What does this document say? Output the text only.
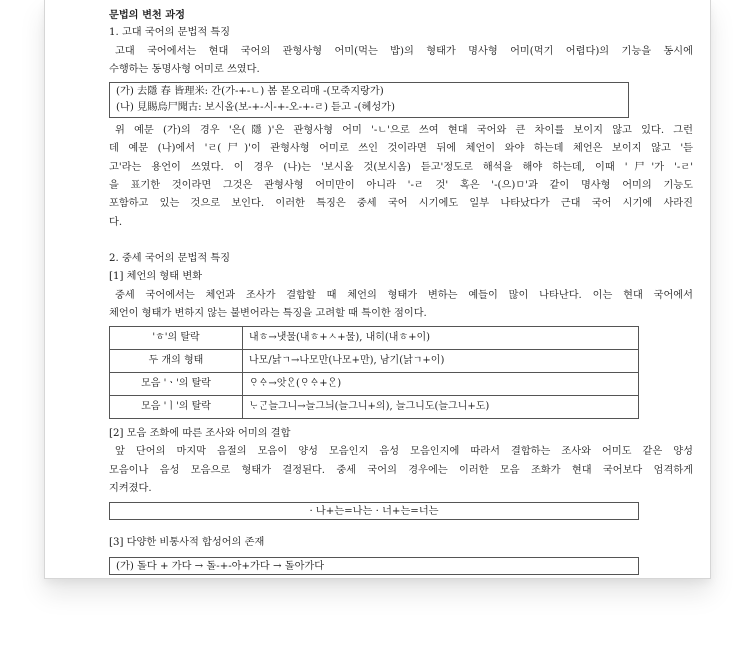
문법의 변천 과정
1. 고대 국어의 문법적 특징
고대 국어에서는 현대 국어의 관형사형 어미(먹는 밥)의 형태가 명사형 어미(먹기 어렵다)의 기능을 동시에
수행하는 동명사형 어미로 쓰였다.
(가) 去隱 春 皆理米: 간(가-+-ㄴ) 봄 몯오리매 -(모죽지랑가)
(나) 見賜烏尸聞古: 보시올(보-+-시-+-오-+-ㄹ) 듣고 -(혜성가)
위 예문 (가)의 경우 '은(隱)'은 관형사형 어미 '-ㄴ'으로 쓰여 현대 국어와 큰 차이를 보이지 않고 있다. 그런
데 예문 (나)에서 'ㄹ(尸)'이 관형사형 어미로 쓰인 것이라면 뒤에 체언이 와야 하는데 체언은 보이지 않고 '듣
고'라는 용언이 쓰였다. 이 경우 (나)는 '보시올 것(보시옴) 듣고'정도로 해석을 해야 하는데, 이때 '尸'가 '-ㄹ'
을 표기한 것이라면 그것은 관형사형 어미만이 아니라 '-ㄹ 것' 혹은 '-(으)ㅁ'과 같이 명사형 어미의 기능도
포함하고 있는 것으로 보인다. 이러한 특징은 중세 국어 시기에도 일부 나타났다가 근대 국어 시기에 사라진
다.
2. 중세 국어의 문법적 특징
[1] 체언의 형태 변화
중세 국어에서는 체언과 조사가 결합할 때 체언의 형태가 변하는 예들이 많이 나타난다. 이는 현대 국어에서
체언이 형태가 변하지 않는 불변어라는 특징을 고려할 때 특이한 점이다.
'ㅎ'의 탈락	내ㅎ→냇물(내ㅎ+ㅅ+물), 내히(내ㅎ+이)
두 개의 형태	나모/낡ㄱ→나모만(나모+만), 남기(낡ㄱ+이)
모음 'ㆍ'의 탈락	ᄋᆞᅀᆞ→앗ᄋᆞᆫ(ᄋᆞᅀᆞ+ᄋᆞᆫ)
모음 'ㅣ'의 탈락	ᄂᆞᄀᆞᆫ늘그니→늘그늬(늘그니+의), 늘그니도(늘그니+도)
[2] 모음 조화에 따른 조사와 어미의 결합
앞 단어의 마지막 음절의 모음이 양성 모음인지 음성 모음인지에 따라서 결합하는 조사와 어미도 같은 양성
모음이나 음성 모음으로 형태가 결정된다. 중세 국어의 경우에는 이러한 모음 조화가 현대 국어보다 엄격하게
지켜졌다.
· 나+는=나는 · 너+는=너는
[3] 다양한 비통사적 합성어의 존재
(가) 돌다 + 가다 → 돌-+-아+가다 → 돌아가다
